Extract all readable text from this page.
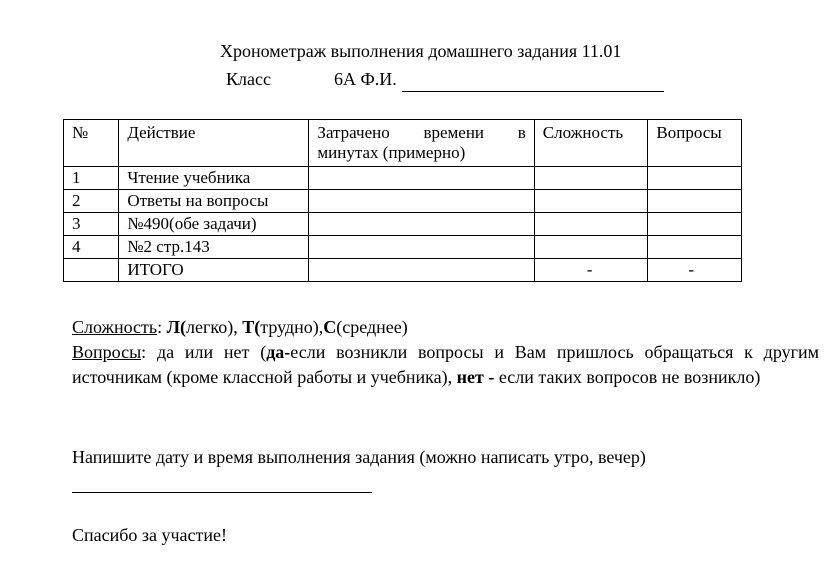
Хронометраж выполнения домашнего задания 11.01
Класс	6А Ф.И.
№	Действие	Затрачено времени в минутах (примерно)	Сложность	Вопросы
1	Чтение учебника			
2	Ответы на вопросы			
3	№490(обе задачи)			
4	№2 стр.143			
	ИТОГО		-	-

Сложность: Л(легко), Т(трудно),С(среднее)

Вопросы: да или нет (да-если возникли вопросы и Вам пришлось обращаться к другим источникам (кроме классной работы и учебника), нет - если таких вопросов не возникло)

Напишите дату и время выполнения задания (можно написать утро, вечер)
Спасибо за участие!
